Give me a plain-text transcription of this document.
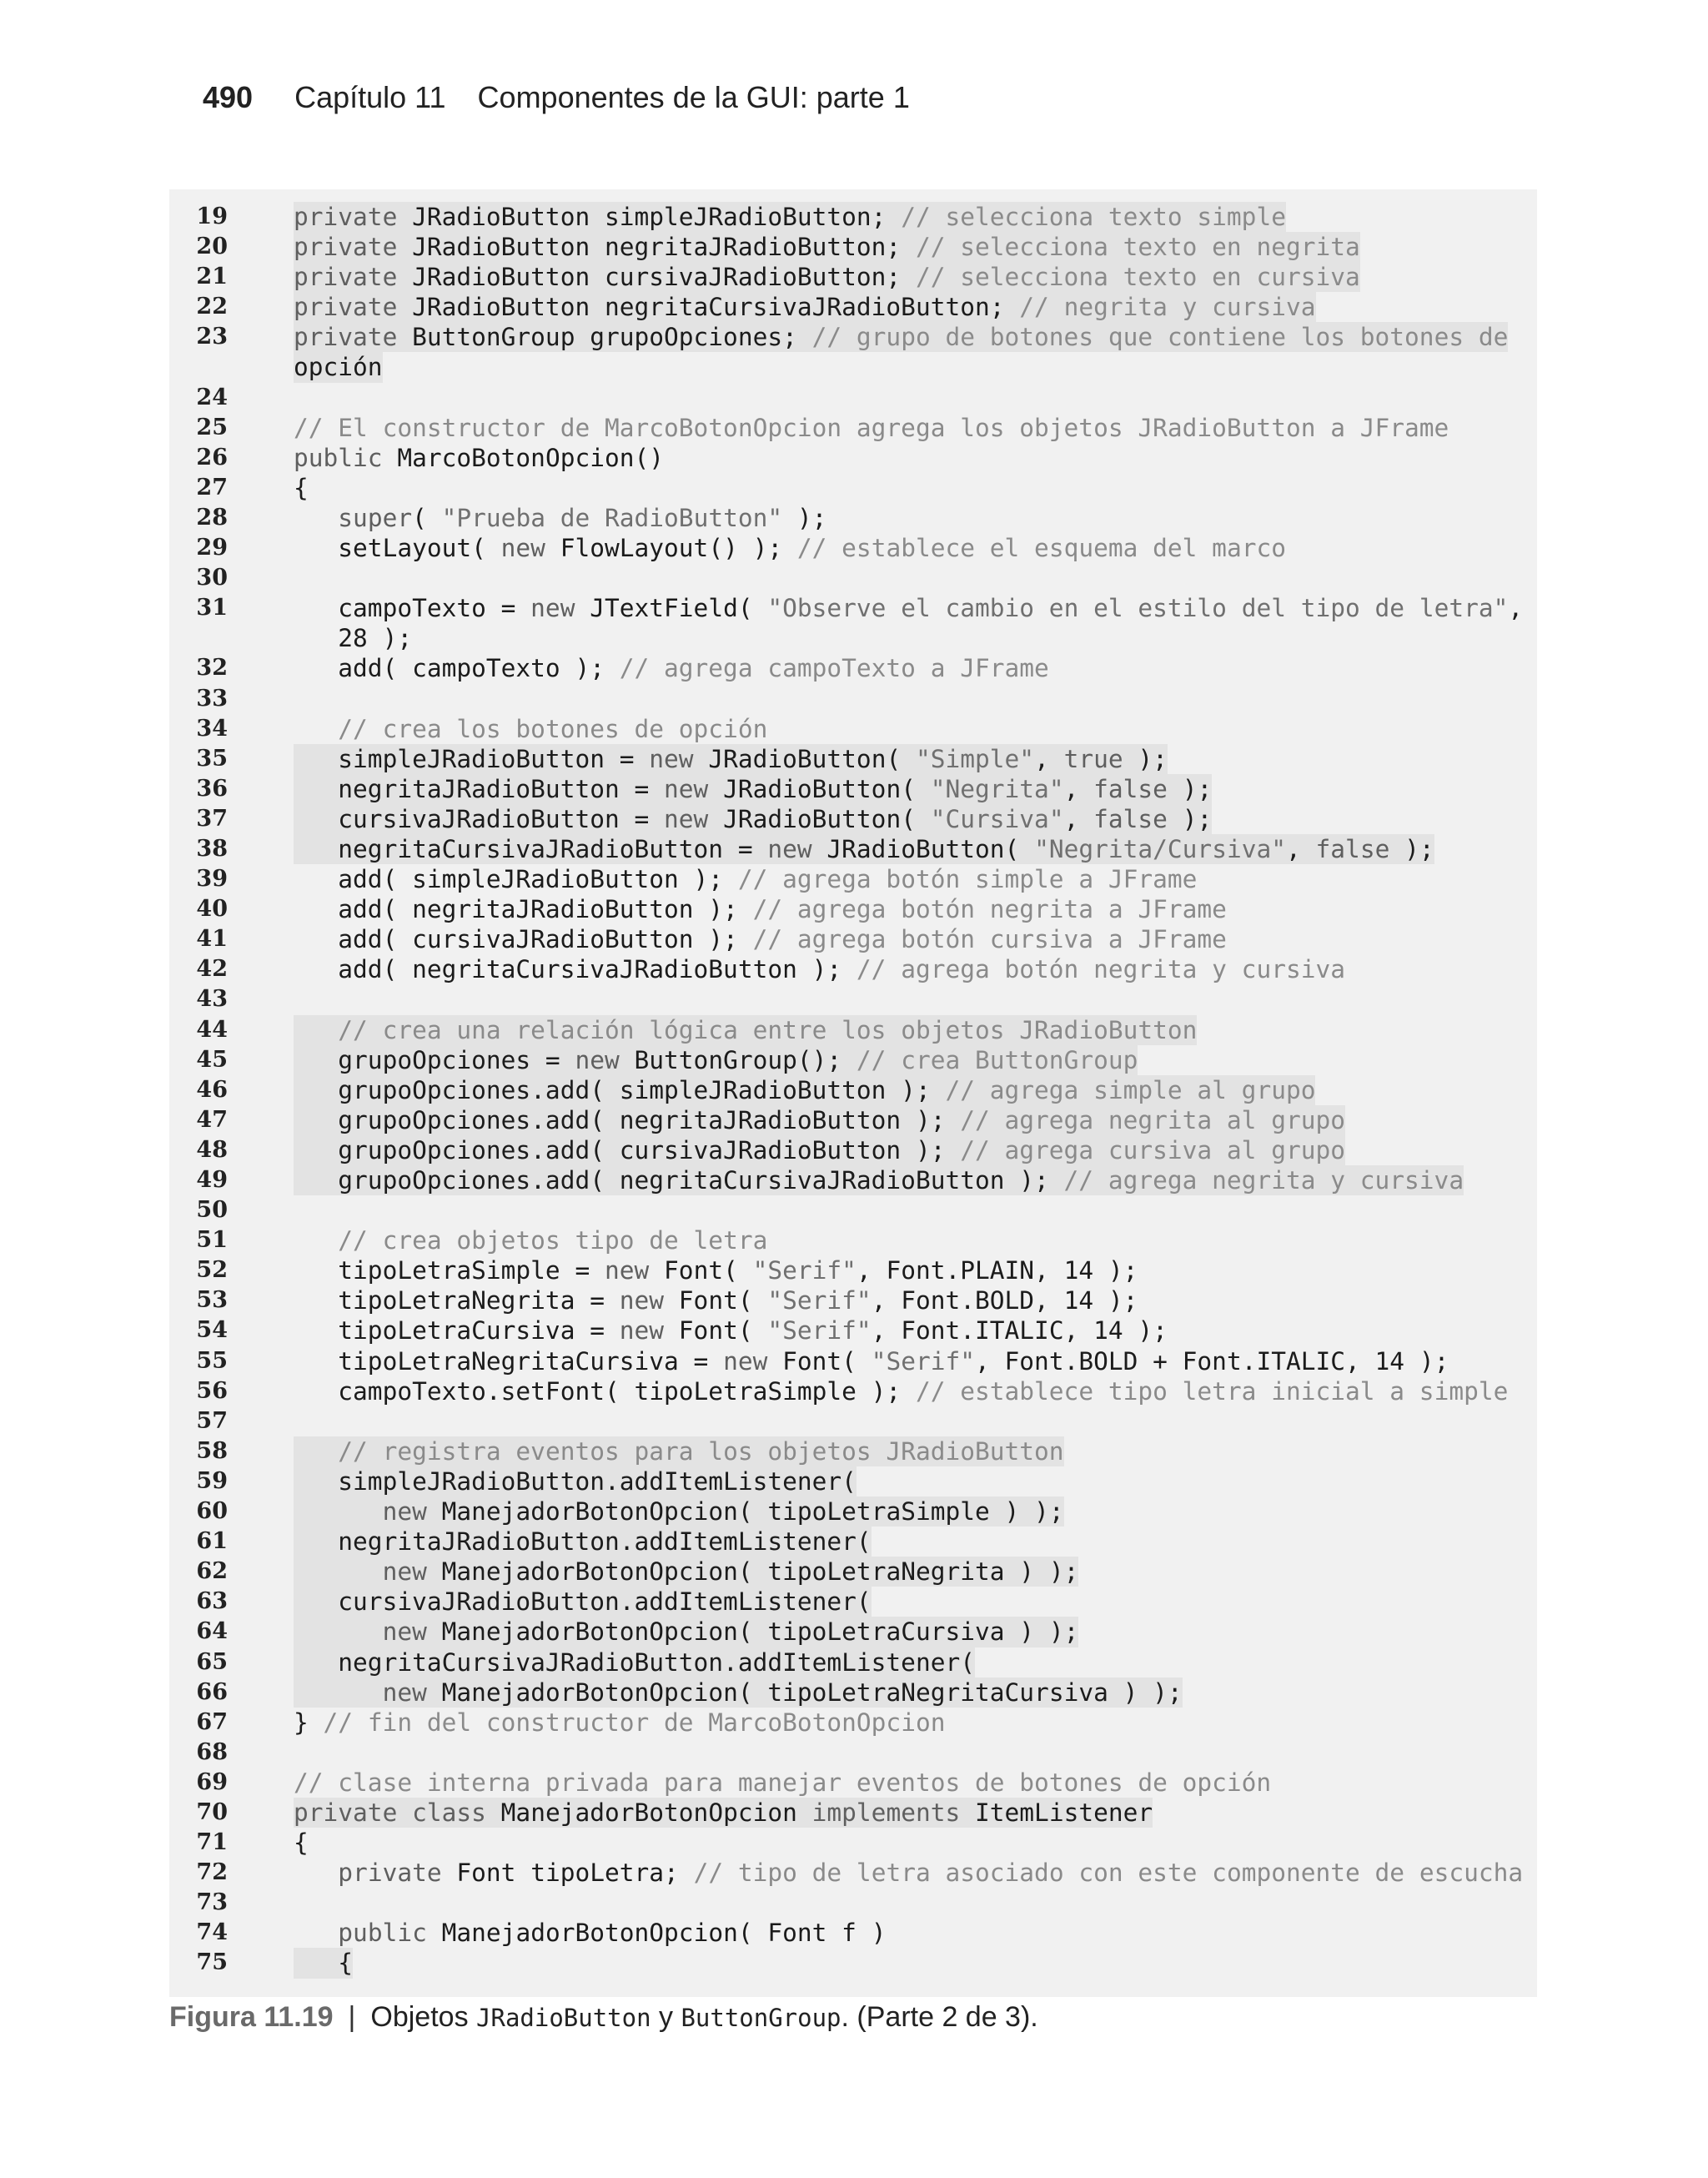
490 Capítulo 11 Componentes de la GUI: parte 1
19	private JRadioButton simpleJRadioButton; // selecciona texto simple
20	private JRadioButton negritaJRadioButton; // selecciona texto en negrita
21	private JRadioButton cursivaJRadioButton; // selecciona texto en cursiva
22	private JRadioButton negritaCursivaJRadioButton; // negrita y cursiva
23	private ButtonGroup grupoOpciones; // grupo de botones que contiene los botones de
opción
24
25	// El constructor de MarcoBotonOpcion agrega los objetos JRadioButton a JFrame
26	public MarcoBotonOpcion()
27	{
28	super( "Prueba de RadioButton" );
29	setLayout( new FlowLayout() ); // establece el esquema del marco
30
31	campoTexto = new JTextField( "Observe el cambio en el estilo del tipo de letra",
28 );
32	add( campoTexto ); // agrega campoTexto a JFrame
33
34	// crea los botones de opción
35	simpleJRadioButton = new JRadioButton( "Simple", true );
36	negritaJRadioButton = new JRadioButton( "Negrita", false );
37	cursivaJRadioButton = new JRadioButton( "Cursiva", false );
38	negritaCursivaJRadioButton = new JRadioButton( "Negrita/Cursiva", false );
39	add( simpleJRadioButton ); // agrega botón simple a JFrame
40	add( negritaJRadioButton ); // agrega botón negrita a JFrame
41	add( cursivaJRadioButton ); // agrega botón cursiva a JFrame
42	add( negritaCursivaJRadioButton ); // agrega botón negrita y cursiva
43
44	// crea una relación lógica entre los objetos JRadioButton
45	grupoOpciones = new ButtonGroup(); // crea ButtonGroup
46	grupoOpciones.add( simpleJRadioButton ); // agrega simple al grupo
47	grupoOpciones.add( negritaJRadioButton ); // agrega negrita al grupo
48	grupoOpciones.add( cursivaJRadioButton ); // agrega cursiva al grupo
49	grupoOpciones.add( negritaCursivaJRadioButton ); // agrega negrita y cursiva
50
51	// crea objetos tipo de letra
52	tipoLetraSimple = new Font( "Serif", Font.PLAIN, 14 );
53	tipoLetraNegrita = new Font( "Serif", Font.BOLD, 14 );
54	tipoLetraCursiva = new Font( "Serif", Font.ITALIC, 14 );
55	tipoLetraNegritaCursiva = new Font( "Serif", Font.BOLD + Font.ITALIC, 14 );
56	campoTexto.setFont( tipoLetraSimple ); // establece tipo letra inicial a simple
57
58	// registra eventos para los objetos JRadioButton
59	simpleJRadioButton.addItemListener(
60	new ManejadorBotonOpcion( tipoLetraSimple ) );
61	negritaJRadioButton.addItemListener(
62	new ManejadorBotonOpcion( tipoLetraNegrita ) );
63	cursivaJRadioButton.addItemListener(
64	new ManejadorBotonOpcion( tipoLetraCursiva ) );
65	negritaCursivaJRadioButton.addItemListener(
66	new ManejadorBotonOpcion( tipoLetraNegritaCursiva ) );
67	} // fin del constructor de MarcoBotonOpcion
68
69	// clase interna privada para manejar eventos de botones de opción
70	private class ManejadorBotonOpcion implements ItemListener
71	{
72	private Font tipoLetra; // tipo de letra asociado con este componente de escucha
73
74	public ManejadorBotonOpcion( Font f )
75	{
Figura 11.19 | Objetos
JRadioButton
y
ButtonGroup . (Parte 2 de 3).
